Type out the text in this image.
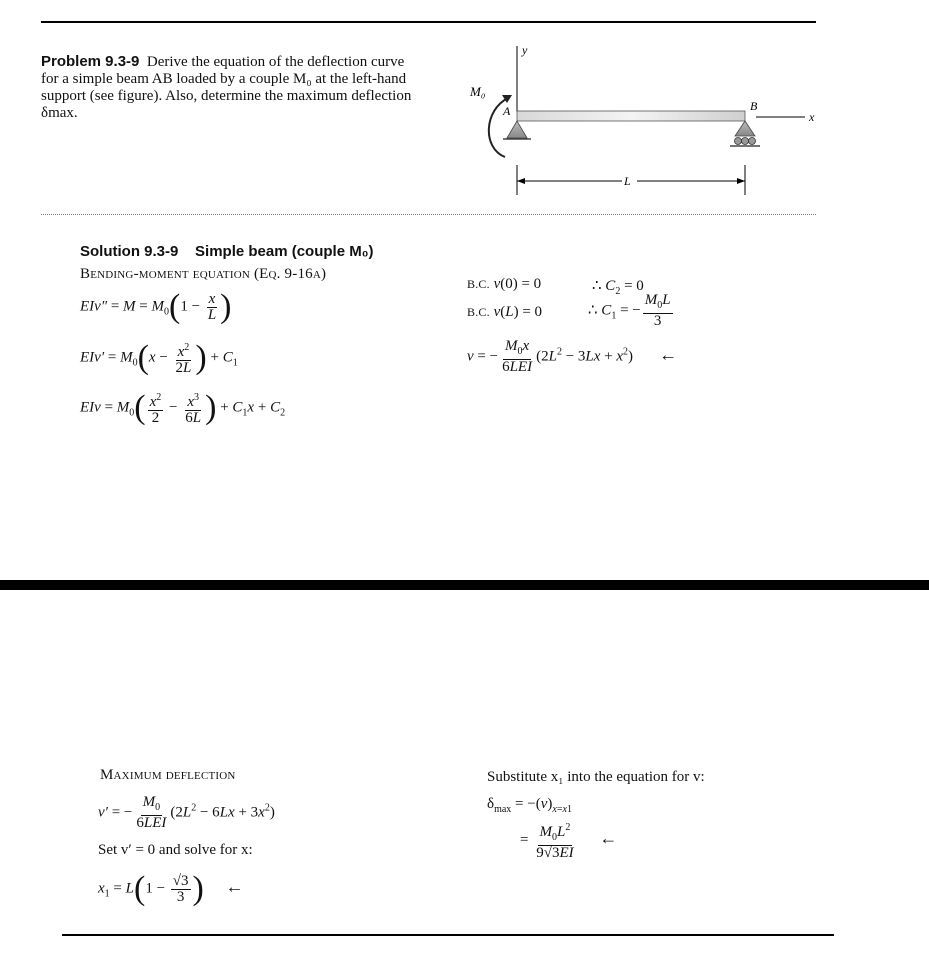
Problem 9.3-9 Derive the equation of the deflection curve
for a simple beam AB loaded by a couple M₀ at the left-hand
support (see figure). Also, determine the maximum deflection
δmax.
y
x
M₀
A	B
L
Solution 9.3-9 Simple beam (couple M₀)
Bending-moment equation (Eq. 9-16a)
$EIv'' = M = M_0(1 - \frac{x}{L}$ )
$EIv' = M_0(x - \frac{x^2}{2L}$ ) + $C_1$
EIv = $M_0( \frac{x^2}{2} - \frac{x^3}{6L}$ ) + $C_1x + C_2$
B.C. v(0) = 0	∴ $C_2 = 0$
B.C. v(L) = 0	∴ $C_1$ = − $\frac{M_0L}{3}$
v = − $\frac{M_0x}{\text{6LEI}} (2L^2 - 3Lx + x^2)$      ←
Maximum deflection
v′ = − $\frac{M_0}{\text{6LEI}} (2L^2 - 6Lx + 3x^2)$
Set v′ = 0 and solve for x:
$x_1 = L(1 - \frac{√3}{3}$ )     ←
Substitute x₁ into the equation for v:
$\delta_{max} = -(v)_{x=x1}$
= $\frac{M_0L^2}{9√3EI}$ ←
